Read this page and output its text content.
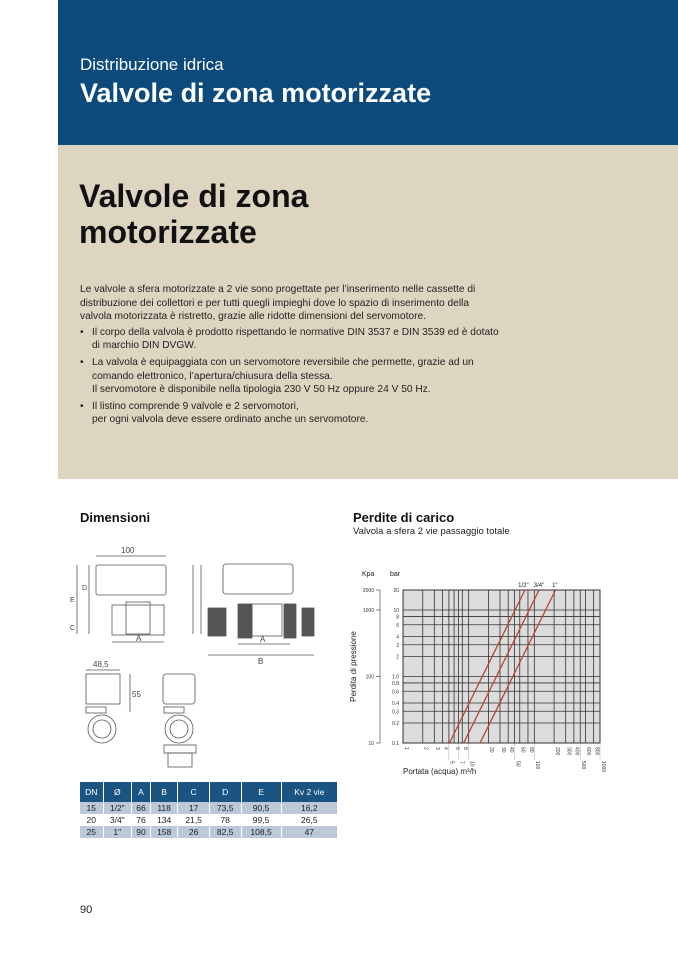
Distribuzione idrica
Valvole di zona motorizzate
Valvole di zona motorizzate

Le valvole a sfera motorizzate a 2 vie sono progettate per l’inserimento nelle cassette di distribuzione dei collettori e per tutti quegli impieghi dove lo spazio di inserimento della valvola motorizzata è ristretto, grazie alle ridotte dimensioni del servomotore.

• Il corpo della valvola è prodotto rispettando le normative DIN 3537 e DIN 3539 ed è dotato di marchio DIN DVGW.
• La valvola è equipaggiata con un servomotore reversibile che permette, grazie ad un comando elettronico, l’apertura/chiusura della stessa.
Il servomotore è disponibile nella tipologia 230 V 50 Hz oppure 24 V 50 Hz.
• Il listino comprende 9 valvole e 2 servomotori,
per ogni valvola deve essere ordinato anche un servomotore.
Dimensioni	Perdite di carico
Valvola a sfera 2 vie passaggio totale
100
A
E
D
C
A
B
48,5
55
DN	Ø	A	B	C	D	E	Kv 2 vie
15	1/2"	66	118	17	73,5	90,5	16,2
20	3/4"	76	134	21,5	78	99,5	26,5
25	1"	90	158	26	82,5	108,5	47
1	2 3 4
5
6
7
8
10
20 30 40
50
60 80
100
200 300 400
500
600 800
1000
0.1
0.2
0.3
0.4
0.6
0.8
1.0
2
3
4
6
8
10
20
10
100
1000
2000
Kpa bar
Perdita di pressione
Portata (acqua) m³/h
1/2" 3/4" 1"
90
